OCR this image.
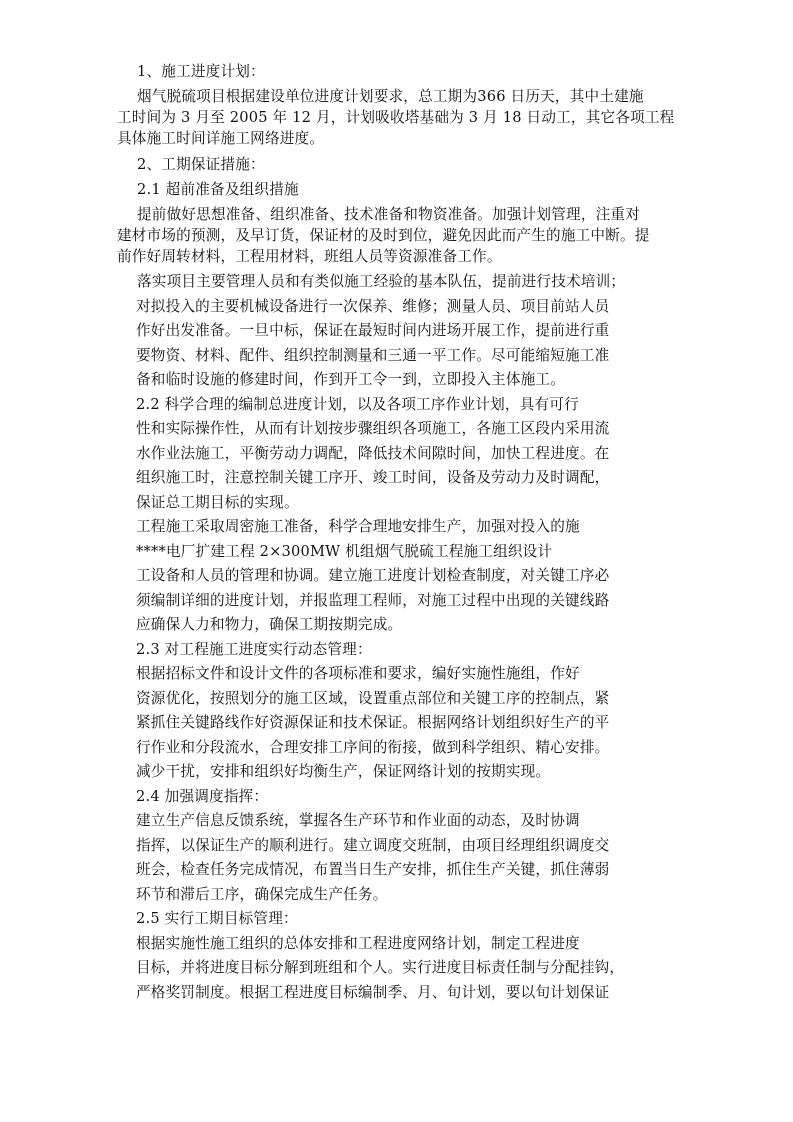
1、施工进度计划：
烟气脱硫项目根据建设单位进度计划要求，总工期为366 日历天，其中土建施
工时间为 3 月至 2005 年 12 月，计划吸收塔基础为 3 月 18 日动工，其它各项工程
具体施工时间详施工网络进度。
2、工期保证措施：
2.1 超前准备及组织措施
提前做好思想准备、组织准备、技术准备和物资准备。加强计划管理，注重对
建材市场的预测，及早订货，保证材的及时到位，避免因此而产生的施工中断。提
前作好周转材料，工程用材料，班组人员等资源准备工作。
落实项目主要管理人员和有类似施工经验的基本队伍，提前进行技术培训；
对拟投入的主要机械设备进行一次保养、维修；测量人员、项目前站人员
作好出发准备。一旦中标，保证在最短时间内进场开展工作，提前进行重
要物资、材料、配件、组织控制测量和三通一平工作。尽可能缩短施工准
备和临时设施的修建时间，作到开工令一到，立即投入主体施工。
2.2 科学合理的编制总进度计划，以及各项工序作业计划，具有可行
性和实际操作性，从而有计划按步骤组织各项施工，各施工区段内采用流
水作业法施工，平衡劳动力调配，降低技术间隙时间，加快工程进度。在
组织施工时，注意控制关键工序开、竣工时间，设备及劳动力及时调配，
保证总工期目标的实现。
工程施工采取周密施工准备，科学合理地安排生产，加强对投入的施
****电厂扩建工程 2×300MW 机组烟气脱硫工程施工组织设计
工设备和人员的管理和协调。建立施工进度计划检查制度，对关键工序必
须编制详细的进度计划，并报监理工程师，对施工过程中出现的关键线路
应确保人力和物力，确保工期按期完成。
2.3 对工程施工进度实行动态管理：
根据招标文件和设计文件的各项标准和要求，编好实施性施组，作好
资源优化，按照划分的施工区域，设置重点部位和关键工序的控制点，紧
紧抓住关键路线作好资源保证和技术保证。根据网络计划组织好生产的平
行作业和分段流水，合理安排工序间的衔接，做到科学组织、精心安排。
减少干扰，安排和组织好均衡生产，保证网络计划的按期实现。
2.4 加强调度指挥：
建立生产信息反馈系统，掌握各生产环节和作业面的动态，及时协调
指挥，以保证生产的顺利进行。建立调度交班制，由项目经理组织调度交
班会，检查任务完成情况，布置当日生产安排，抓住生产关键，抓住薄弱
环节和滞后工序，确保完成生产任务。
2.5 实行工期目标管理：
根据实施性施工组织的总体安排和工程进度网络计划，制定工程进度
目标，并将进度目标分解到班组和个人。实行进度目标责任制与分配挂钩，
严格奖罚制度。根据工程进度目标编制季、月、旬计划，要以旬计划保证
